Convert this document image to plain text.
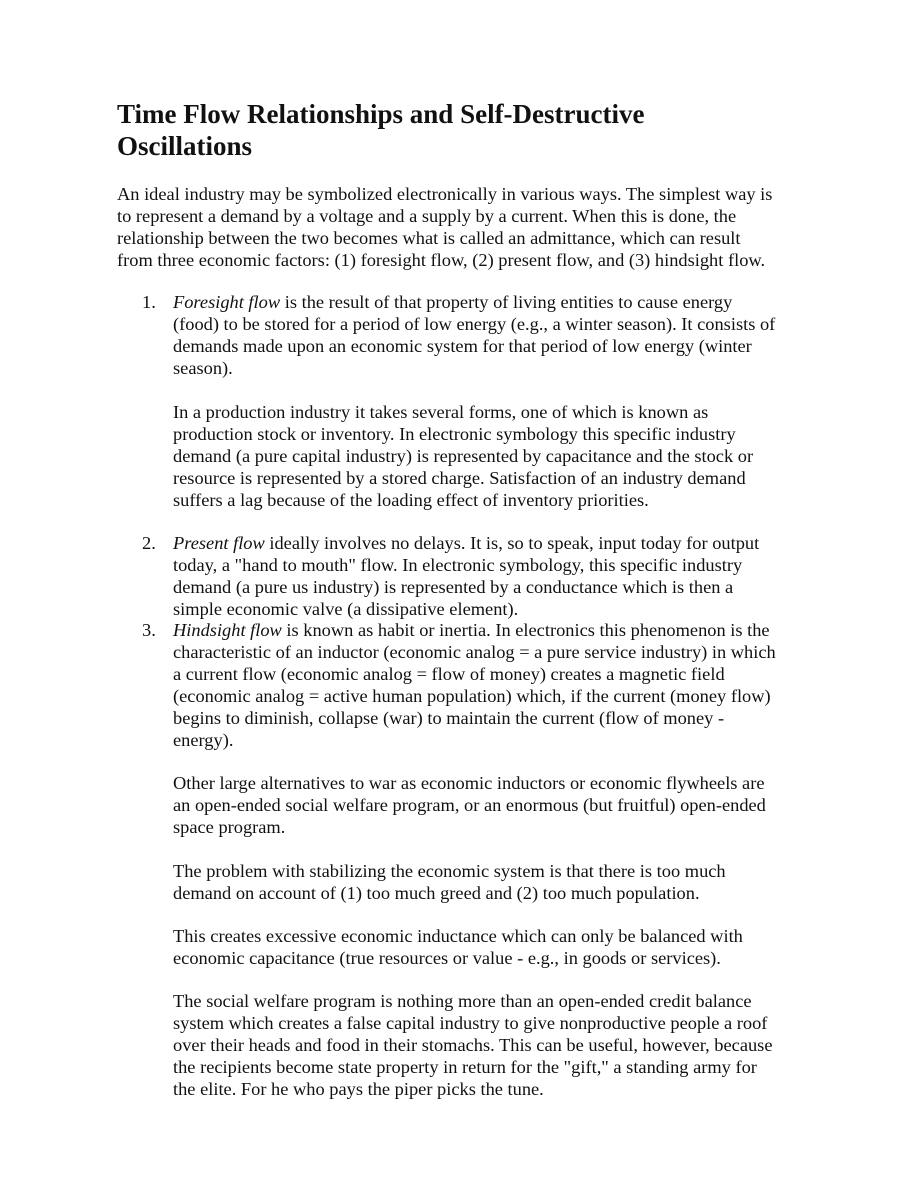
Time Flow Relationships and Self-Destructive
Oscillations

An ideal industry may be symbolized electronically in various ways. The simplest way is
to represent a demand by a voltage and a supply by a current. When this is done, the
relationship between the two becomes what is called an admittance, which can result
from three economic factors: (1) foresight flow, (2) present flow, and (3) hindsight flow.

1. Foresight flow is the result of that property of living entities to cause energy
(food) to be stored for a period of low energy (e.g., a winter season). It consists of
demands made upon an economic system for that period of low energy (winter
season).

In a production industry it takes several forms, one of which is known as
production stock or inventory. In electronic symbology this specific industry
demand (a pure capital industry) is represented by capacitance and the stock or
resource is represented by a stored charge. Satisfaction of an industry demand
suffers a lag because of the loading effect of inventory priorities.

2. Present flow ideally involves no delays. It is, so to speak, input today for output
today, a "hand to mouth" flow. In electronic symbology, this specific industry
demand (a pure us industry) is represented by a conductance which is then a
simple economic valve (a dissipative element).

3. Hindsight flow is known as habit or inertia. In electronics this phenomenon is the
characteristic of an inductor (economic analog = a pure service industry) in which
a current flow (economic analog = flow of money) creates a magnetic field
(economic analog = active human population) which, if the current (money flow)
begins to diminish, collapse (war) to maintain the current (flow of money -
energy).

Other large alternatives to war as economic inductors or economic flywheels are
an open-ended social welfare program, or an enormous (but fruitful) open-ended
space program.

The problem with stabilizing the economic system is that there is too much
demand on account of (1) too much greed and (2) too much population.

This creates excessive economic inductance which can only be balanced with
economic capacitance (true resources or value - e.g., in goods or services).

The social welfare program is nothing more than an open-ended credit balance
system which creates a false capital industry to give nonproductive people a roof
over their heads and food in their stomachs. This can be useful, however, because
the recipients become state property in return for the "gift," a standing army for
the elite. For he who pays the piper picks the tune.
